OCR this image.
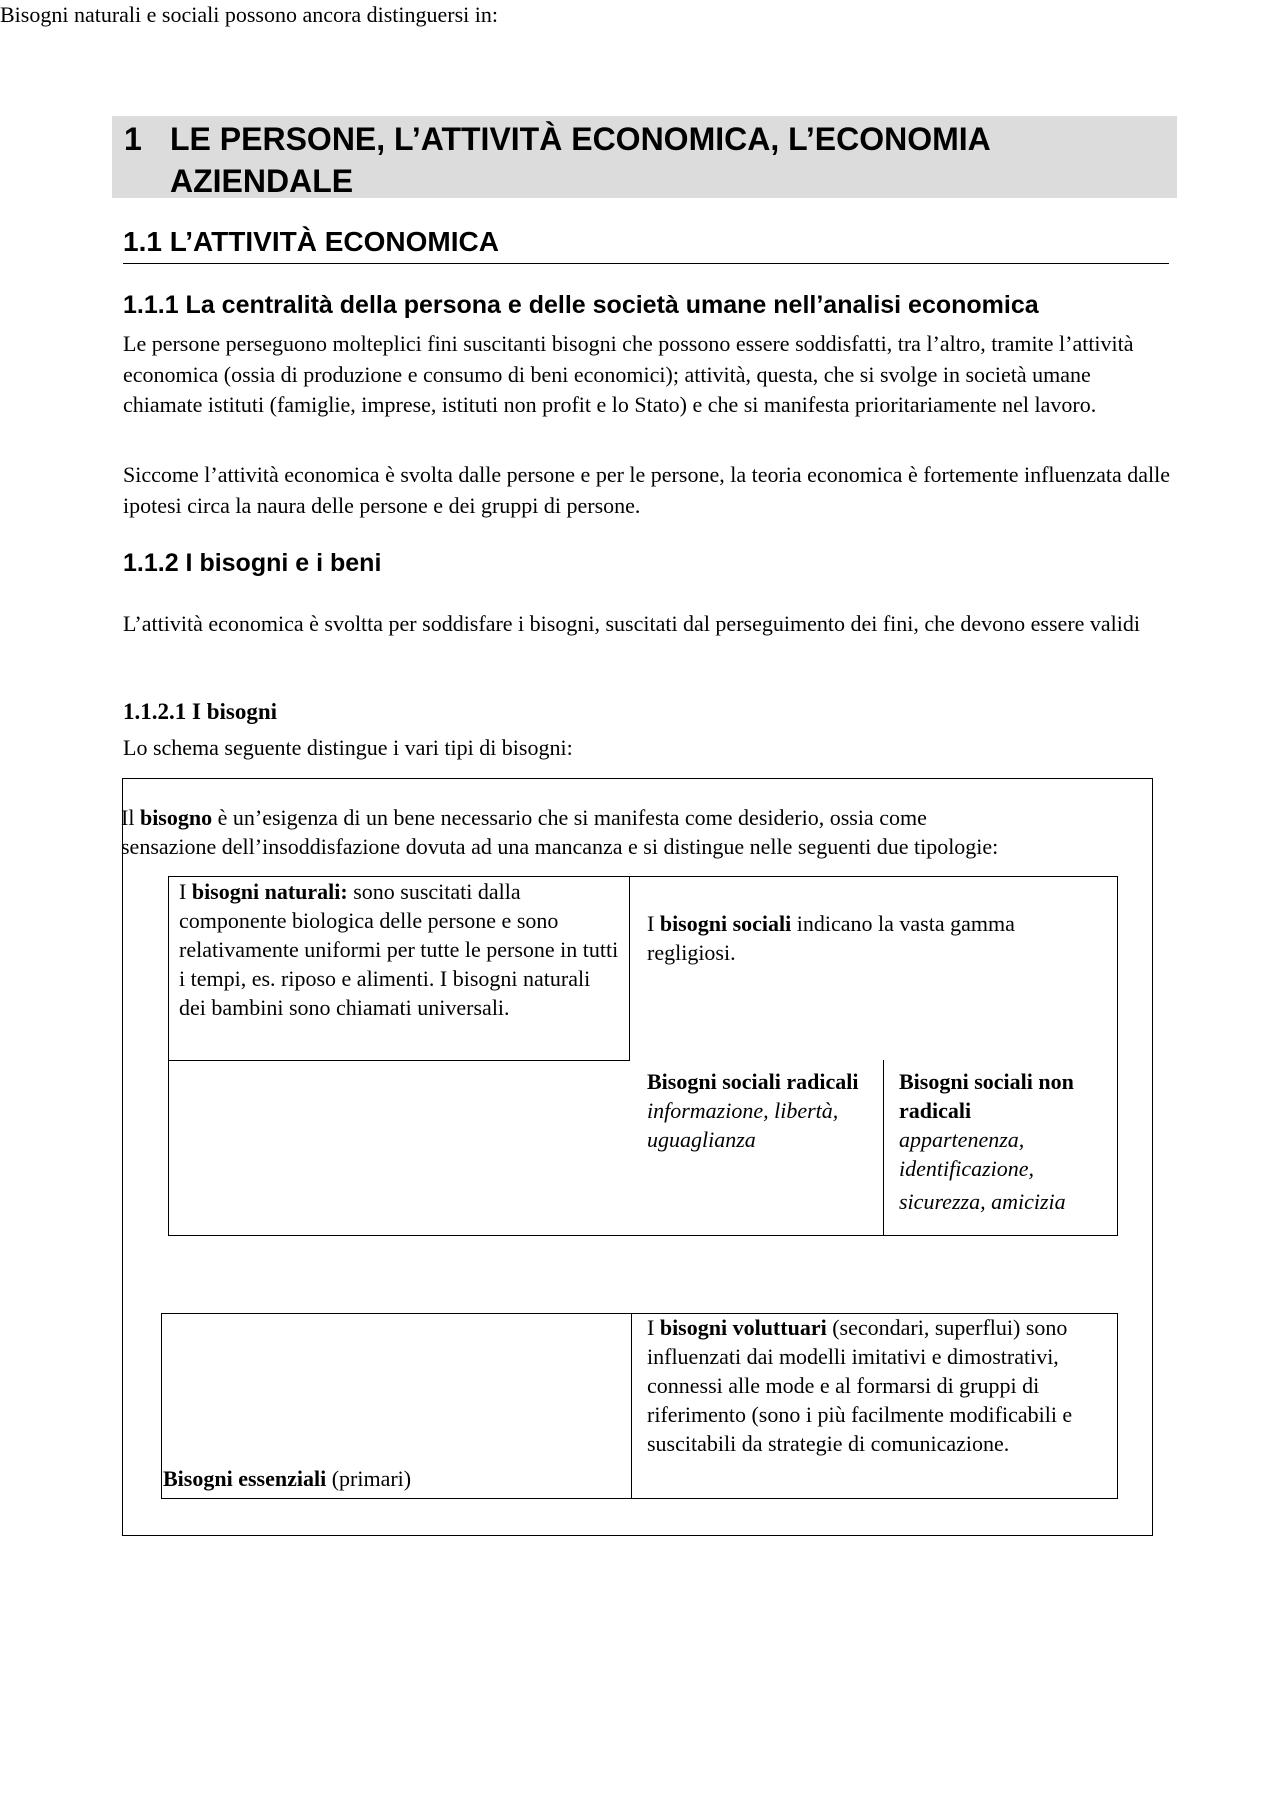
1 LE PERSONE, L’ATTIVITÀ ECONOMICA, L’ECONOMIA AZIENDALE
1.1 L’ATTIVITÀ ECONOMICA
1.1.1 La centralità della persona e delle società umane nell’analisi economica
Le persone perseguono molteplici fini suscitanti bisogni che possono essere soddisfatti, tra l’altro, tramite l’attività economica (ossia di produzione e consumo di beni economici); attività, questa, che si svolge in società umane chiamate istituti (famiglie, imprese, istituti non profit e lo Stato) e che si manifesta prioritariamente nel lavoro.
Siccome l’attività economica è svolta dalle persone e per le persone, la teoria economica è fortemente influenzata dalle ipotesi circa la naura delle persone e dei gruppi di persone.
1.1.2 I bisogni e i beni
L’attività economica è svoltta per soddisfare i bisogni, suscitati dal perseguimento dei fini, che devono essere validi
1.1.2.1 I bisogni
Lo schema seguente distingue i vari tipi di bisogni:
Il bisogno è un’esigenza di un bene necessario che si manifesta come desiderio, ossia come
sensazione dell’insoddisfazione dovuta ad una mancanza e si distingue nelle seguenti due tipologie:
I bisogni naturali: sono suscitati dalla componente biologica delle persone e sono relativamente uniformi per tutte le persone in tutti i tempi, es. riposo e alimenti. I bisogni naturali dei bambini sono chiamati universali.
I bisogni sociali indicano la vasta gamma regligiosi.
Bisogni sociali radicali
informazione, libertà, uguaglianza
Bisogni sociali non radicali
appartenenza, identificazione,
sicurezza, amicizia
Bisogni naturali e sociali possono ancora distinguersi in:
Bisogni essenziali (primari)
I bisogni voluttuari (secondari, superflui) sono influenzati dai modelli imitativi e dimostrativi, connessi alle mode e al formarsi di gruppi di riferimento (sono i più facilmente modificabili e suscitabili da strategie di comunicazione.
